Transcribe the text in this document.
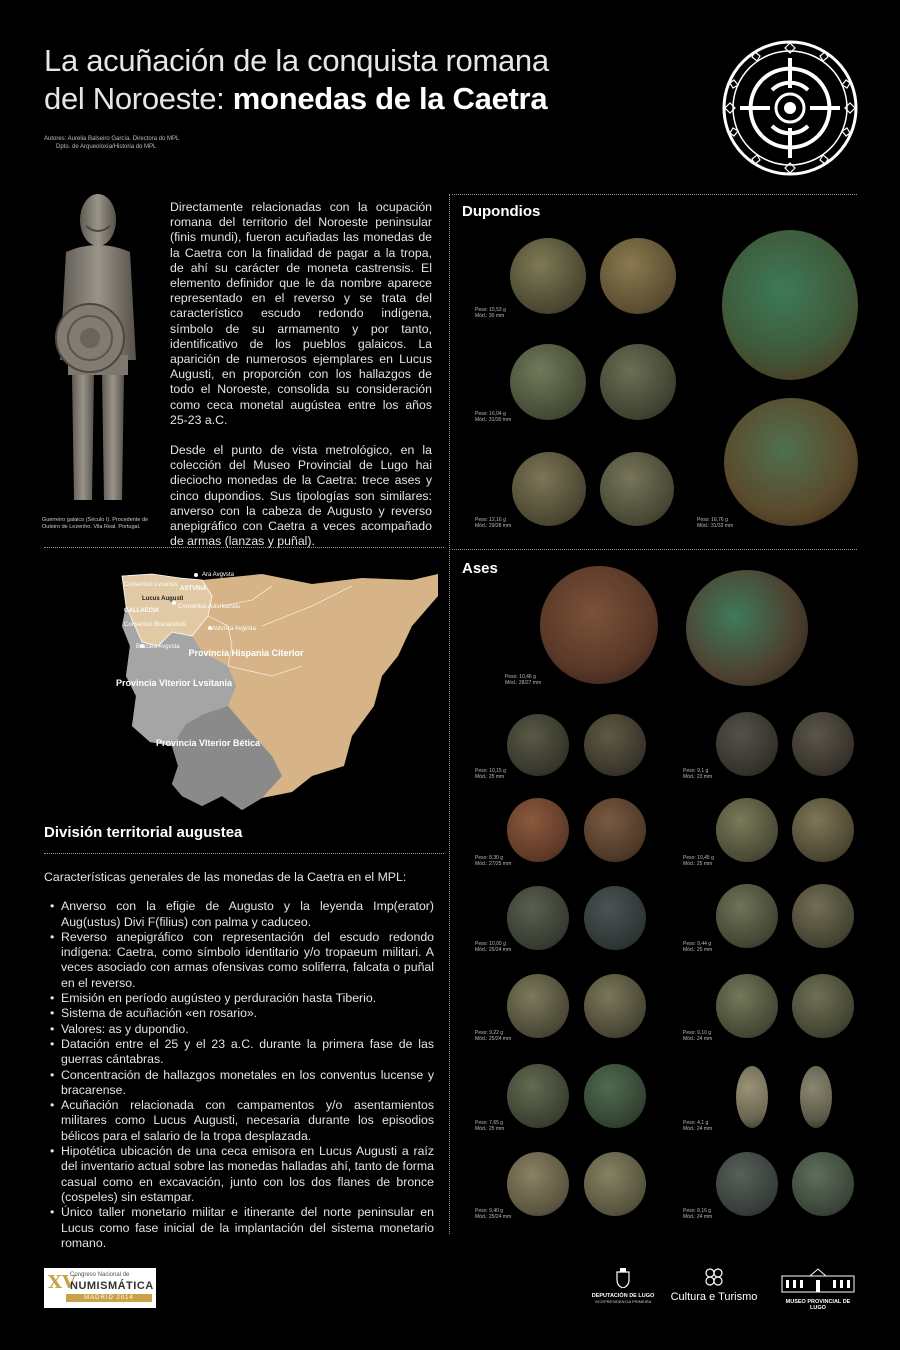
La acuñación de la conquista romana
del Noroeste: monedas de la Caetra
Autores: Aurelia Balseiro García. Directora do MPL
Dpto. de Arqueoloxía/Historia do MPL
Guerreiro galaico (Século I). Procedente de Outeiro de Lezenho. Vila Real. Portugal.

Directamente relacionadas con la ocupación romana del territorio del Noroeste peninsular (finis mundi), fueron acuñadas las monedas de la Caetra con la finalidad de pagar a la tropa, de ahí su carácter de moneta castrensis. El elemento definidor que le da nombre aparece representado en el reverso y se trata del característico escudo redondo indígena, símbolo de su armamento y por tanto, identificativo de los pueblos galaicos. La aparición de numerosos ejemplares en Lucus Augusti, en proporción con los hallazgos de todo el Noroeste, consolida su consideración como ceca monetal augústea entre los años 25-23 a.C.

Desde el punto de vista metrológico, en la colección del Museo Provincial de Lugo hai dieciocho monedas de la Caetra: trece ases y cinco dupondios. Sus tipologías son similares: anverso con la cabeza de Augusto y reverso anepigráfico con Caetra a veces acompañado de armas (lanzas y puñal).

Ara Avgvsta
ASTVRIA
Conventus Lvcensis
Lucus Augusti
GALLAECIA
Conventus Astvricensis
Conventus Bracarensis
Astvrica Avgvsta
Bracara Avgvsta
Provincia Hispania Citerior
Provincia Vlterior Lvsitania
Provincia Vlterior Bética
División territorial augustea
Características generales de las monedas de la Caetra en el MPL:
• Anverso con la efigie de Augusto y la leyenda Imp(erator) Aug(ustus) Divi F(filius) con palma y caduceo.
• Reverso anepigráfico con representación del escudo redondo indígena: Caetra, como símbolo identitario y/o tropaeum militari. A veces asociado con armas ofensivas como soliferra, falcata o puñal en el reverso.
• Emisión en período augústeo y perduración hasta Tiberio.
• Sistema de acuñación «en rosario».
• Valores: as y dupondio.
• Datación entre el 25 y el 23 a.C. durante la primera fase de las guerras cántabras.
• Concentración de hallazgos monetales en los conventus lucense y bracarense.
• Acuñación relacionada con campamentos y/o asentamientos militares como Lucus Augusti, necesaria durante los episodios bélicos para el salario de la tropa desplazada.
• Hipotética ubicación de una ceca emisora en Lucus Augusti a raíz del inventario actual sobre las monedas halladas ahí, tanto de forma casual como en excavación, junto con los dos flanes de bronce (cospeles) sin estampar.
• Único taller monetario militar e itinerante del norte peninsular en Lucus como fase inicial de la implantación del sistema monetario romano.
Dupondios
Peso: 15,53 g
Mód.: 30 mm
Peso: 16,04 g
Mód.: 31/30 mm
Peso: 12,16 g
Mód.: 29/28 mm
Peso: 16,76 g
Mód.: 31/33 mm
Ases
Peso: 10,46 g
Mód.: 28/27 mm
Peso: 10,15 g
Mód.: 25 mm
Peso: 9,1 g
Mód.: 23 mm
Peso: 8,30 g
Mód.: 27/25 mm
Peso: 10,45 g
Mód.: 25 mm
Peso: 10,00 g
Mód.: 25/24 mm
Peso: 9,44 g
Mód.: 25 mm
Peso: 9,22 g
Mód.: 25/24 mm
Peso: 9,10 g
Mód.: 24 mm
Peso: 7,65 g
Mód.: 25 mm
Peso: 4,1 g
Mód.: 24 mm
Peso: 9,40 g
Mód.: 25/24 mm
Peso: 8,16 g
Mód.: 24 mm
XV
Congreso Nacional de
NUMISMÁTICA
MADRID 2014	DEPUTACIÓN DE LUGO
VICEPRESIDENCIA PRIMEIRA	Cultura e Turismo	MUSEO PROVINCIAL DE LUGO
